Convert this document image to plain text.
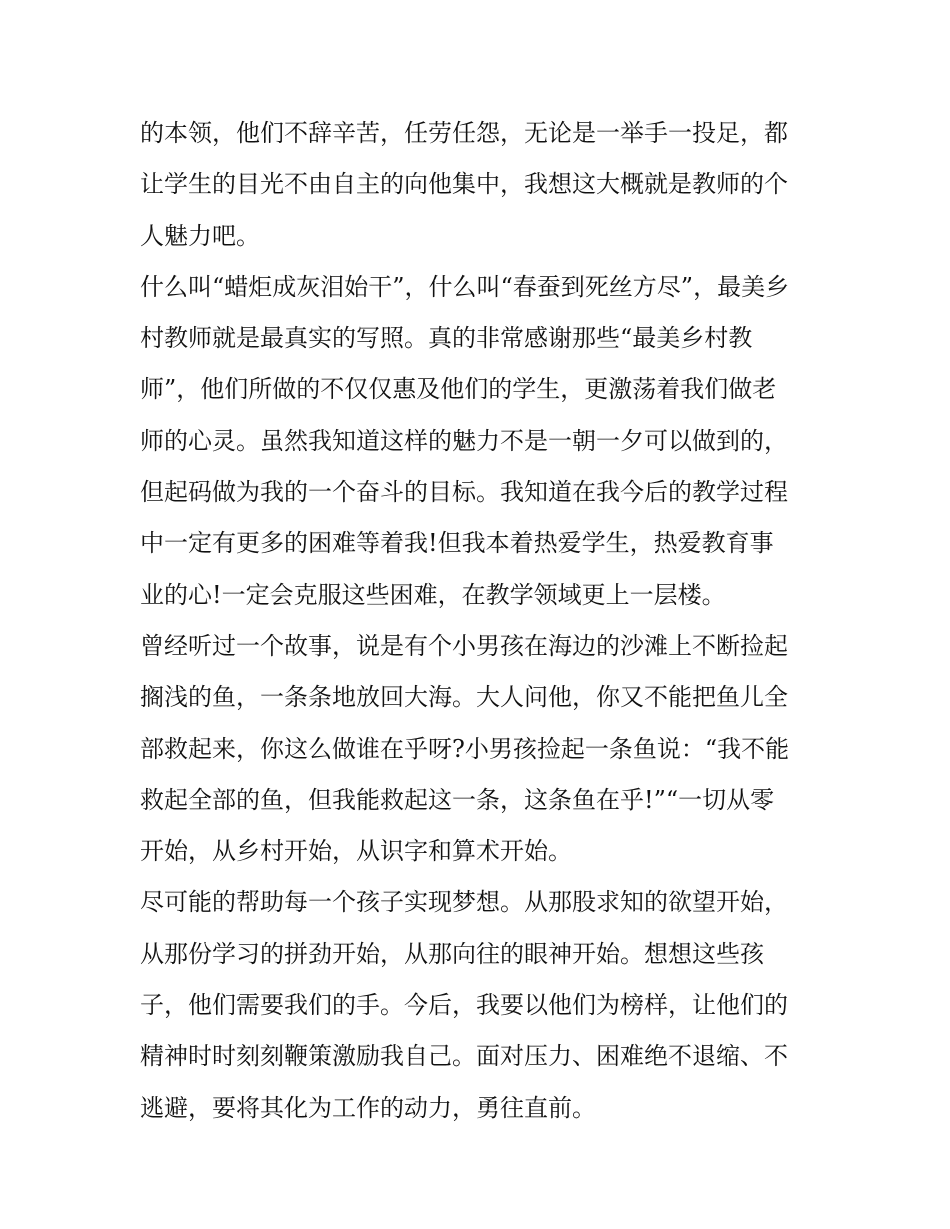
的本领，他们不辞辛苦，任劳任怨，无论是一举手一投足，都
让学生的目光不由自主的向他集中，我想这大概就是教师的个
人魅力吧。
什么叫“蜡炬成灰泪始干”，什么叫“春蚕到死丝方尽”，最美乡
村教师就是最真实的写照。真的非常感谢那些“最美乡村教
师”，他们所做的不仅仅惠及他们的学生，更激荡着我们做老
师的心灵。虽然我知道这样的魅力不是一朝一夕可以做到的，
但起码做为我的一个奋斗的目标。我知道在我今后的教学过程
中一定有更多的困难等着我!但我本着热爱学生，热爱教育事
业的心!一定会克服这些困难，在教学领域更上一层楼。
曾经听过一个故事，说是有个小男孩在海边的沙滩上不断捡起
搁浅的鱼，一条条地放回大海。大人问他，你又不能把鱼儿全
部救起来，你这么做谁在乎呀?小男孩捡起一条鱼说：“我不能
救起全部的鱼，但我能救起这一条，这条鱼在乎!”“一切从零
开始，从乡村开始，从识字和算术开始。
尽可能的帮助每一个孩子实现梦想。从那股求知的欲望开始，
从那份学习的拼劲开始，从那向往的眼神开始。想想这些孩
子，他们需要我们的手。今后，我要以他们为榜样，让他们的
精神时时刻刻鞭策激励我自己。面对压力、困难绝不退缩、不
逃避，要将其化为工作的动力，勇往直前。
